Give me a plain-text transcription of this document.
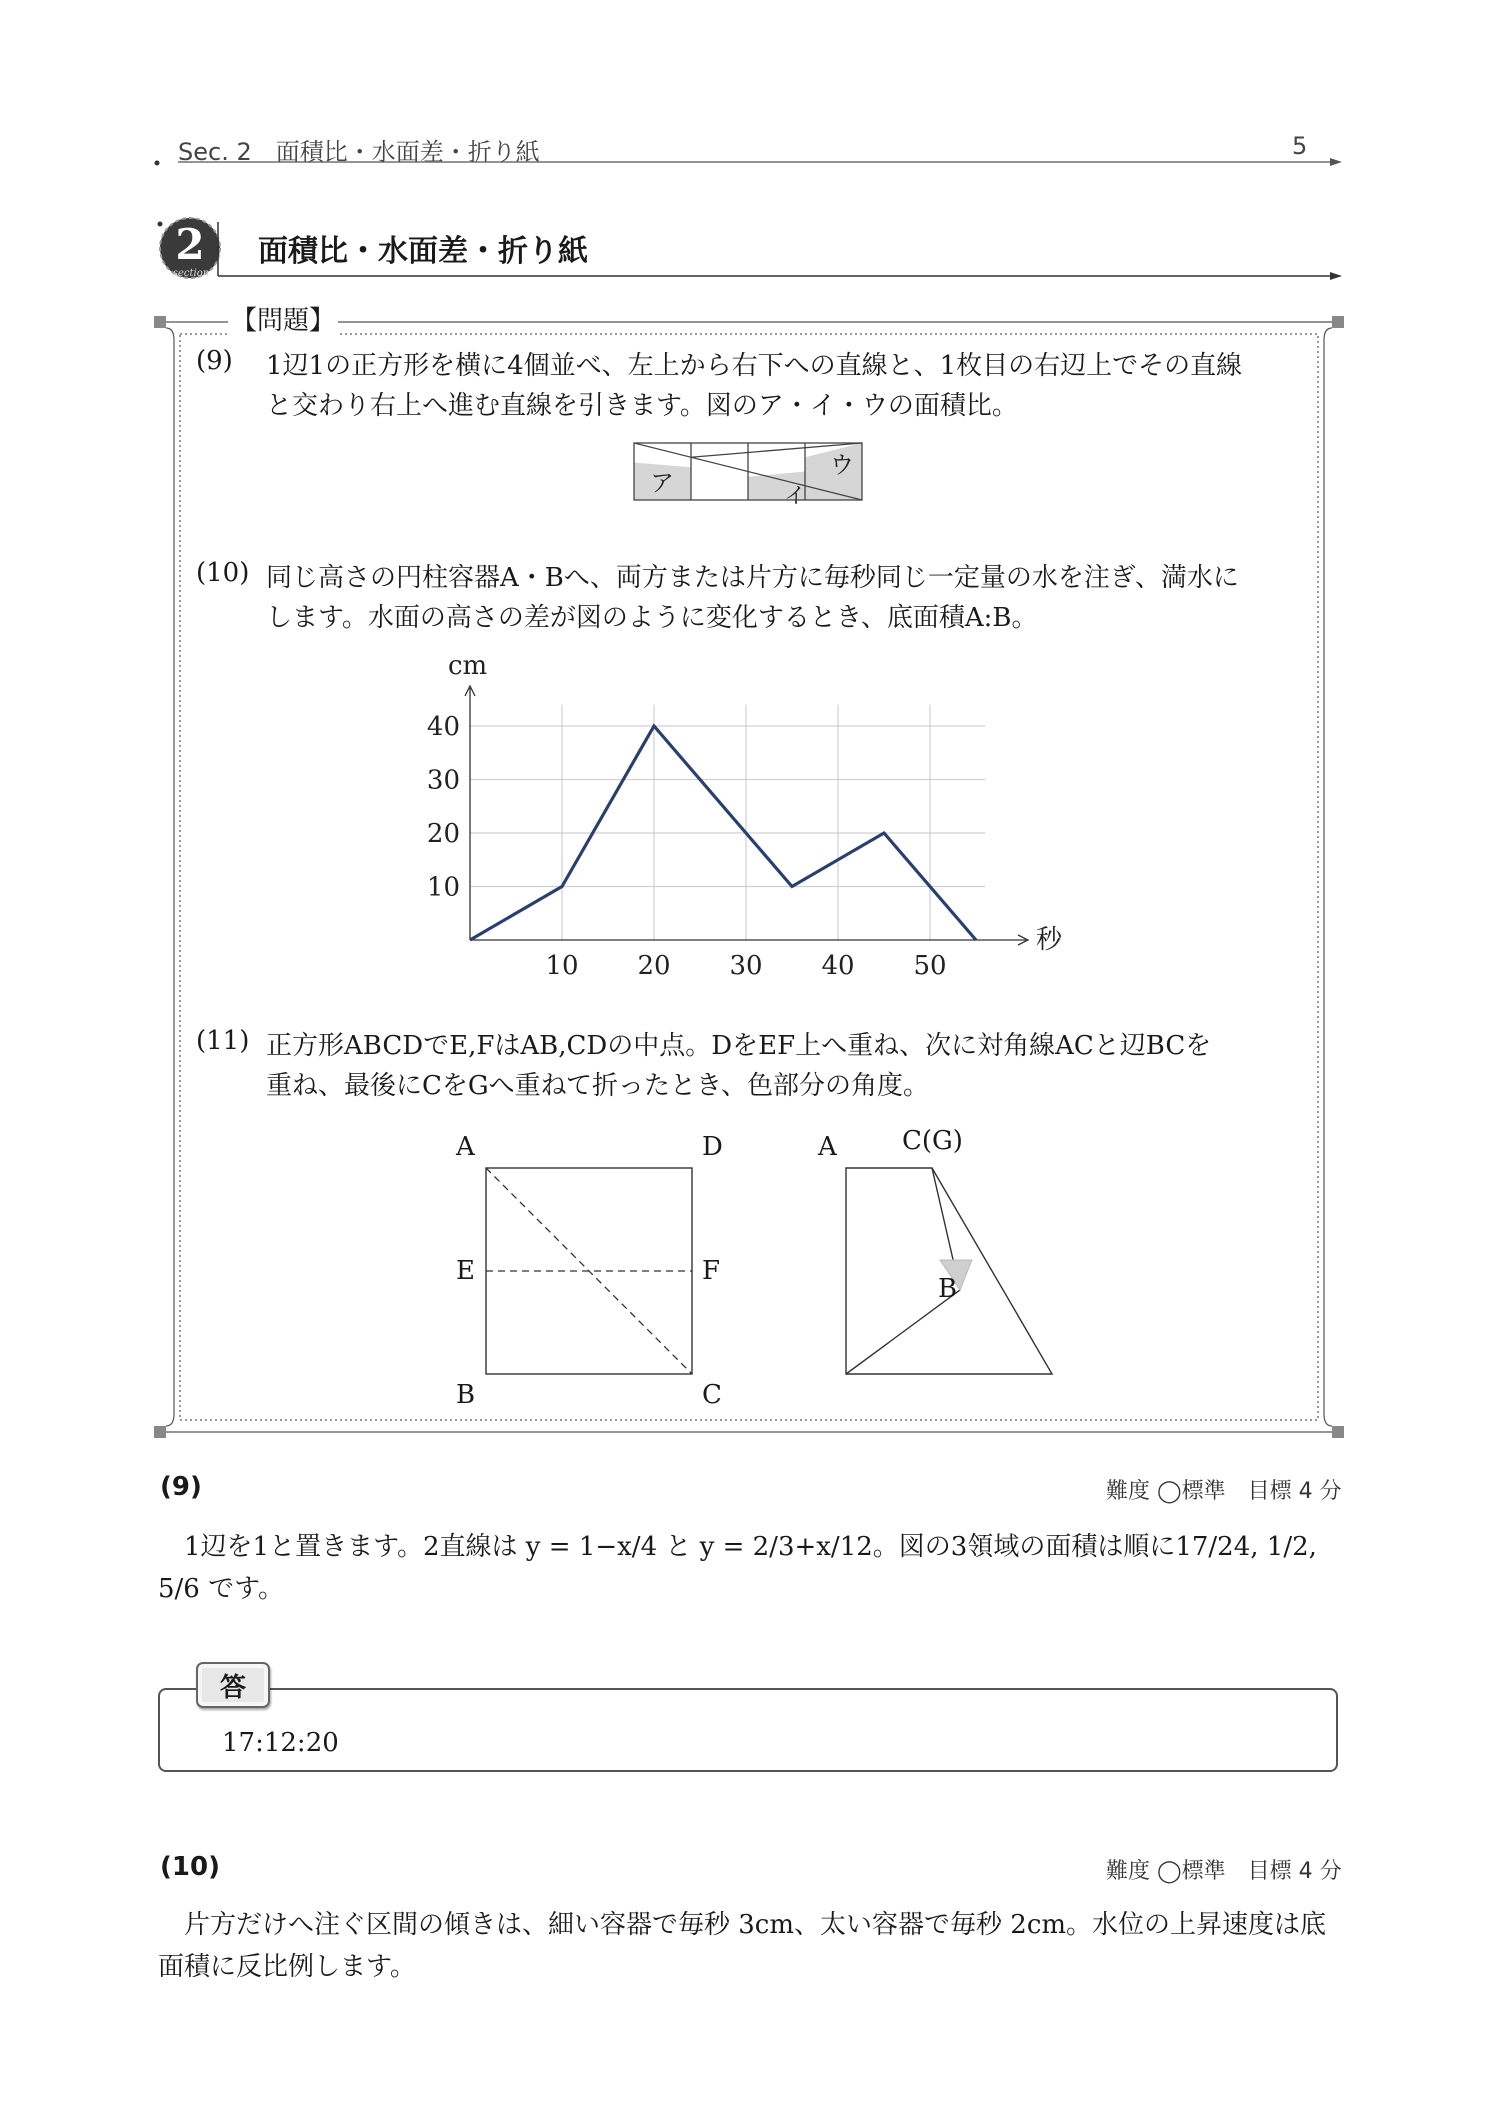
Sec. 2　面積比・水面差・折り紙	5
2
section
面積比・水面差・折り紙
【問題】
(9) 1辺1の正方形を横に4個並べ、左上から右下への直線と、1枚目の右辺上でその直線
と交わり右上へ進む直線を引きます。図のア・イ・ウの面積比。
ア	イ
ウ
(10) 同じ高さの円柱容器A・Bへ、両方または片方に毎秒同じ一定量の水を注ぎ、満水に
します。水面の高さの差が図のように変化するとき、底面積A:B。
10 20 30 40 50
10
20
30
40
cm
秒
(11) 正方形ABCDでE,FはAB,CDの中点。DをEF上へ重ね、次に対角線ACと辺BCを
重ね、最後にCをGへ重ねて折ったとき、色部分の角度。
A	D
E	F
B	C
A	C(G)
B
(9)	難度 ◯標準　目標 4 分
1辺を1と置きます。2直線は y = 1−x/4 と y = 2/3+x/12。図の3領域の面積は順に17/24, 1/2, 5/6 です。
答
17:12:20
(10)	難度 ◯標準　目標 4 分
片方だけへ注ぐ区間の傾きは、細い容器で毎秒 3cm、太い容器で毎秒 2cm。水位の上昇速度は底面積に反比例します。
